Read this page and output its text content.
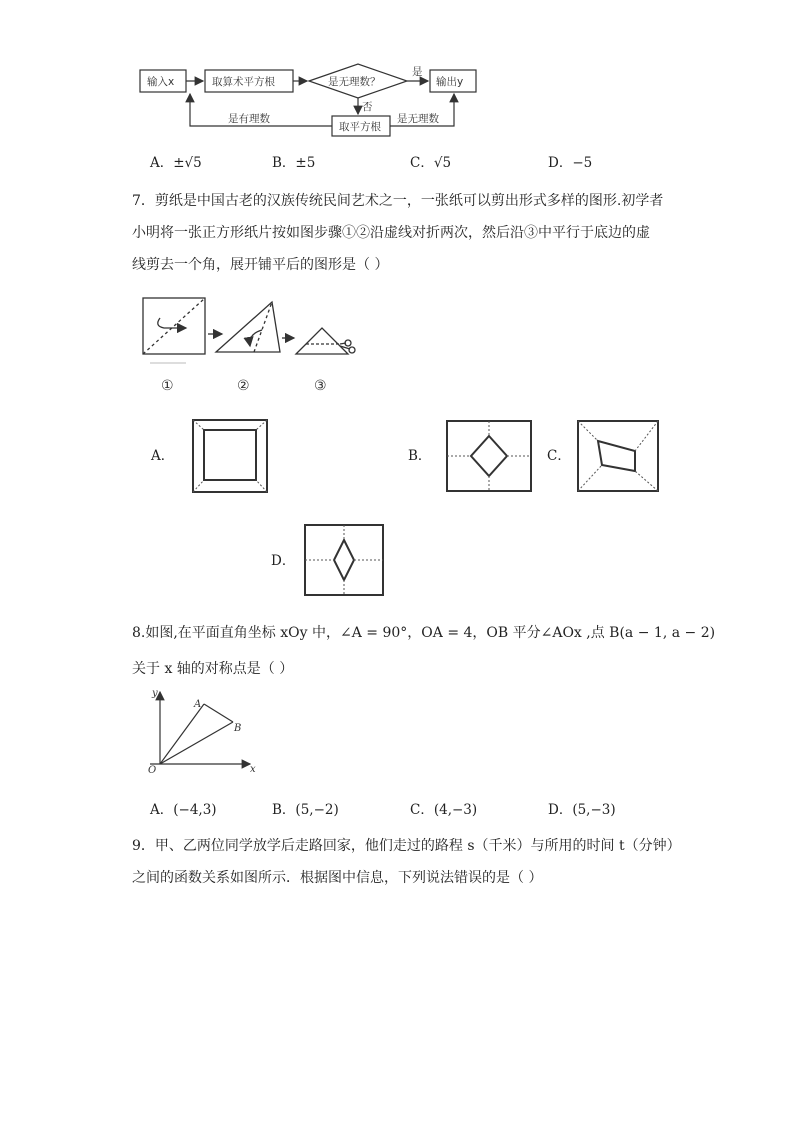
输入x	取算术平方根	是无理数？
是
输出y
否
取平方根
是无理数
是有理数
A．±√5	B．±5	C．√5	D．−5
7．剪纸是中国古老的汉族传统民间艺术之一，一张纸可以剪出形式多样的图形.初学者
小明将一张正方形纸片按如图步骤①②沿虚线对折两次，然后沿③中平行于底边的虚
线剪去一个角，展开铺平后的图形是（ ）
①	②	③
A．	B．	C．
D．
8.如图,在平面直角坐标 xOy 中，∠A = 90°，OA = 4，OB 平分∠AOx ,点 B(a − 1, a − 2)
关于 x 轴的对称点是（ ）
y
x
O
A
B
A．(−4,3)	B．(5,−2)	C．(4,−3)	D．(5,−3)
9．甲、乙两位同学放学后走路回家，他们走过的路程 s（千米）与所用的时间 t（分钟）
之间的函数关系如图所示．根据图中信息，下列说法错误的是（ ）
